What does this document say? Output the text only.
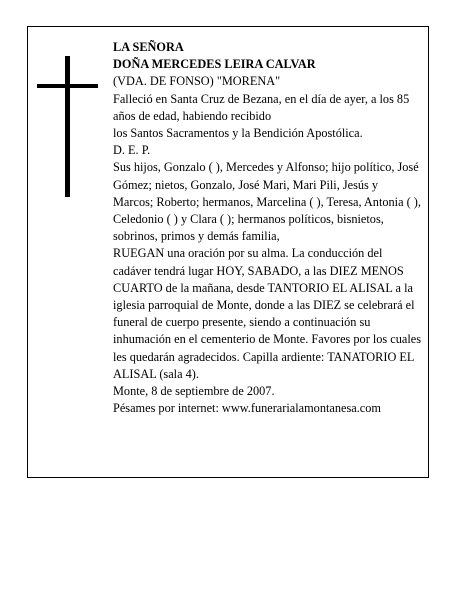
LA SEÑORA

DOÑA MERCEDES LEIRA CALVAR

(VDA. DE FONSO) "MORENA"

Falleció en Santa Cruz de Bezana, en el día de ayer, a los 85 años de edad, habiendo recibido

los Santos Sacramentos y la Bendición Apostólica.

D. E. P.

Sus hijos, Gonzalo ( ), Mercedes y Alfonso; hijo político, José Gómez; nietos, Gonzalo, José Mari, Mari Pili, Jesús y Marcos; Roberto; hermanos, Marcelina ( ), Teresa, Antonia ( ), Celedonio ( ) y Clara ( ); hermanos políticos, bisnietos, sobrinos, primos y demás familia,

RUEGAN una oración por su alma. La conducción del cadáver tendrá lugar HOY, SABADO, a las DIEZ MENOS CUARTO de la mañana, desde TANTORIO EL ALISAL a la iglesia parroquial de Monte, donde a las DIEZ se celebrará el funeral de cuerpo presente, siendo a continuación su inhumación en el cementerio de Monte. Favores por los cuales les quedarán agradecidos. Capilla ardiente: TANATORIO EL ALISAL (sala 4).

Monte, 8 de septiembre de 2007.

Pésames por internet: www.funerarialamontanesa.com
